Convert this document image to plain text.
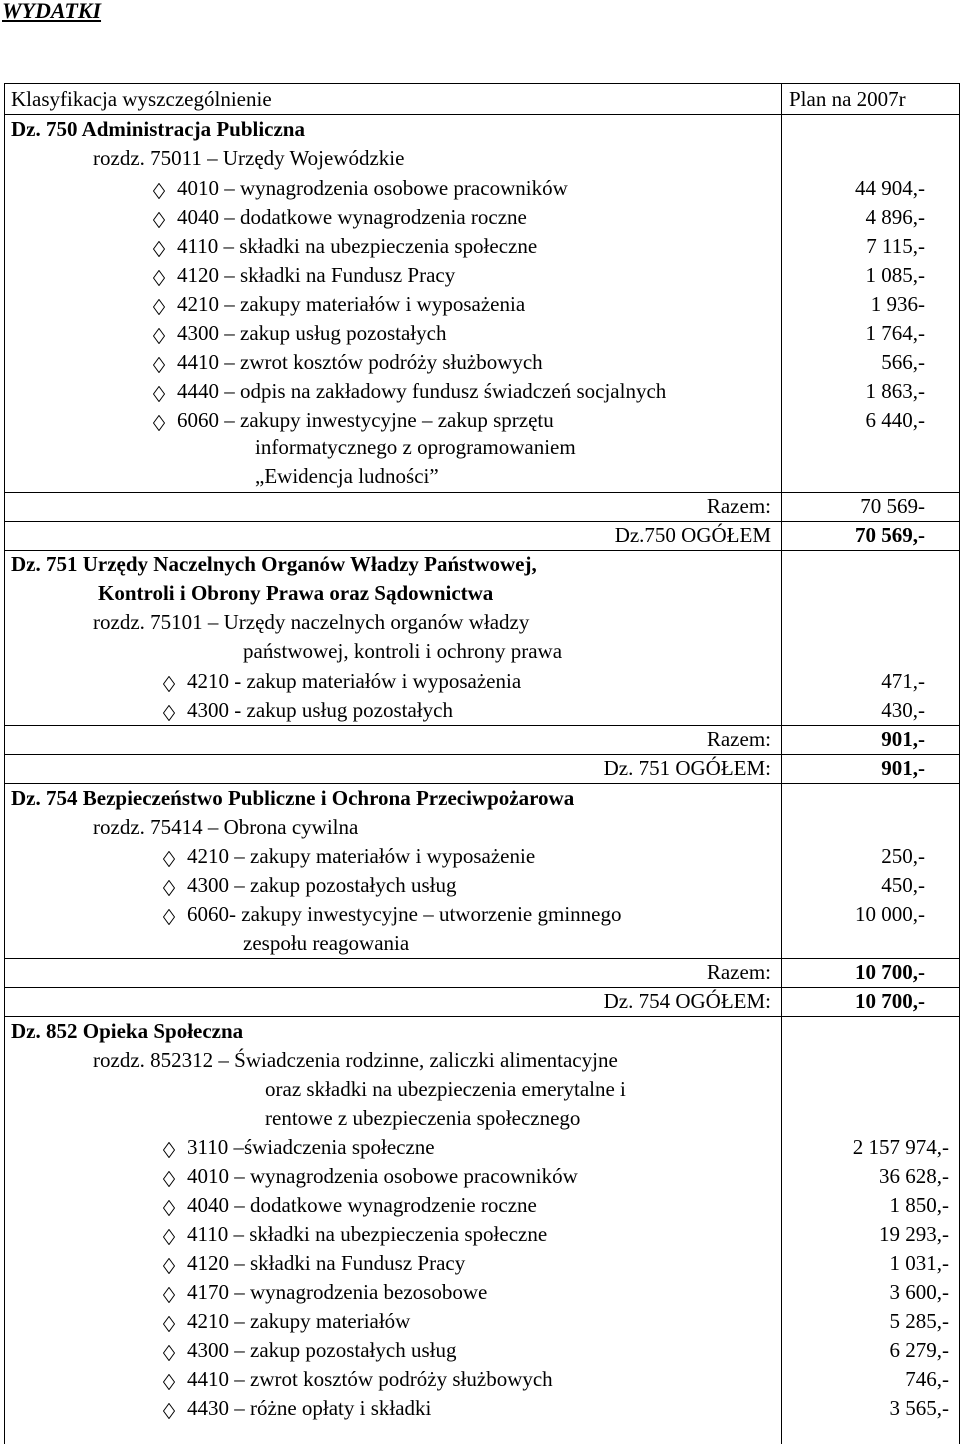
WYDATKI
Klasyfikacja wyszczególnienie	Plan na 2007r
Dz. 750 Administracja Publiczna
rozdz. 75011 – Urzędy Wojewódzkie
4010 – wynagrodzenia osobowe pracowników	44 904,-
4040 – dodatkowe wynagrodzenia roczne	4 896,-
4110 – składki na ubezpieczenia społeczne	7 115,-
4120 – składki na Fundusz Pracy	1 085,-
4210 – zakupy materiałów i wyposażenia	1 936-
4300 – zakup usług pozostałych	1 764,-
4410 – zwrot kosztów podróży służbowych	566,-
4440 – odpis na zakładowy fundusz świadczeń socjalnych	1 863,-
6060 – zakupy inwestycyjne – zakup sprzętu	6 440,-
informatycznego z oprogramowaniem
„Ewidencja ludności”
Razem:	70 569-
Dz.750 OGÓŁEM	70 569,-
Dz. 751 Urzędy Naczelnych Organów Władzy Państwowej,
Kontroli i Obrony Prawa oraz Sądownictwa
rozdz. 75101 – Urzędy naczelnych organów władzy
państwowej, kontroli i ochrony prawa
4210 - zakup materiałów i wyposażenia	471,-
4300 - zakup usług pozostałych	430,-
Razem:	901,-
Dz. 751 OGÓŁEM:	901,-
Dz. 754 Bezpieczeństwo Publiczne i Ochrona Przeciwpożarowa
rozdz. 75414 – Obrona cywilna
4210 – zakupy materiałów i wyposażenie	250,-
4300 – zakup pozostałych usług	450,-
6060- zakupy inwestycyjne – utworzenie gminnego	10 000,-
zespołu reagowania
Razem:	10 700,-
Dz. 754 OGÓŁEM:	10 700,-
Dz. 852 Opieka Społeczna
rozdz. 852312 – Świadczenia rodzinne, zaliczki alimentacyjne
oraz składki na ubezpieczenia emerytalne i
rentowe z ubezpieczenia społecznego
3110 –świadczenia społeczne	2 157 974,-
4010 – wynagrodzenia osobowe pracowników	36 628,-
4040 – dodatkowe wynagrodzenie roczne	1 850,-
4110 – składki na ubezpieczenia społeczne	19 293,-
4120 – składki na Fundusz Pracy	1 031,-
4170 – wynagrodzenia bezosobowe	3 600,-
4210 – zakupy materiałów	5 285,-
4300 – zakup pozostałych usług	6 279,-
4410 – zwrot kosztów podróży służbowych	746,-
4430 – różne opłaty i składki	3 565,-
